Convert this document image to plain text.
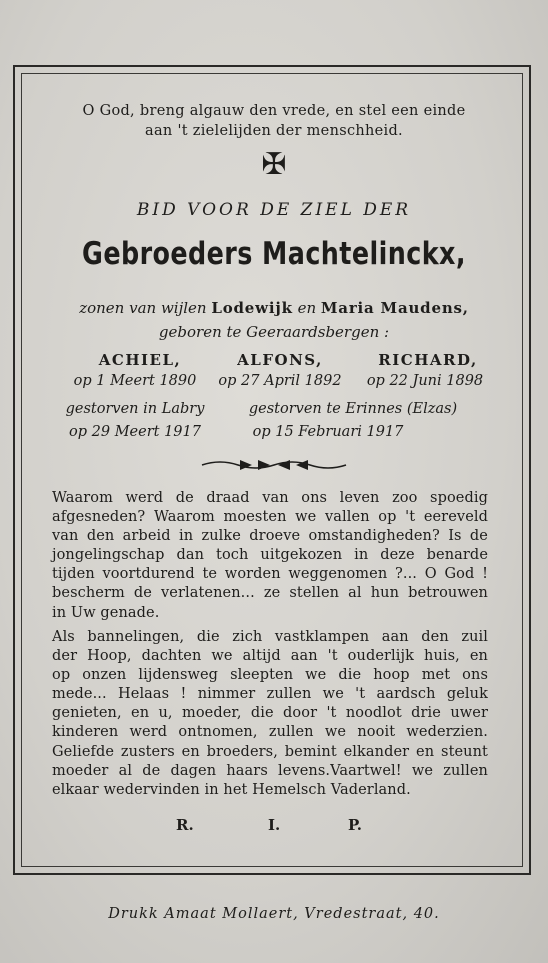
O God, breng algauw den vrede, en stel een einde
aan 't zielelijden der menschheid.
✠
BID VOOR DE ZIEL DER
Gebroeders Machtelinckx,
zonen van wijlen Lodewijk en Maria Maudens,
geboren te Geeraardsbergen :
ACHIEL,
op 1 Meert 1890
ALFONS,
op 27 April 1892
RICHARD,
op 22 Juni 1898
gestorven in Labry
op 29 Meert 1917
gestorven te Erinnes (Elzas)
op 15 Februari 1917
Waarom werd de draad van ons leven zoo spoedig
afgesneden? Waarom moesten we vallen op 't eereveld
van den arbeid in zulke droeve omstandigheden? Is de
jongelingschap dan toch uitgekozen in deze benarde
tijden voortdurend te worden weggenomen ?... O God !
bescherm de verlatenen... ze stellen al hun betrouwen
in Uw genade.
Als bannelingen, die zich vastklampen aan den zuil
der Hoop, dachten we altijd aan 't ouderlijk huis, en
op onzen lijdensweg sleepten we die hoop met ons
mede... Helaas ! nimmer zullen we 't aardsch geluk
genieten, en u, moeder, die door 't noodlot drie uwer
kinderen werd ontnomen, zullen we nooit wederzien.
Geliefde zusters en broeders, bemint elkander en steunt
moeder al de dagen haars levens.Vaartwel! we zullen
elkaar wedervinden in het Hemelsch Vaderland.
R.	I.	P.
Drukk Amaat Mollaert, Vredestraat, 40.
